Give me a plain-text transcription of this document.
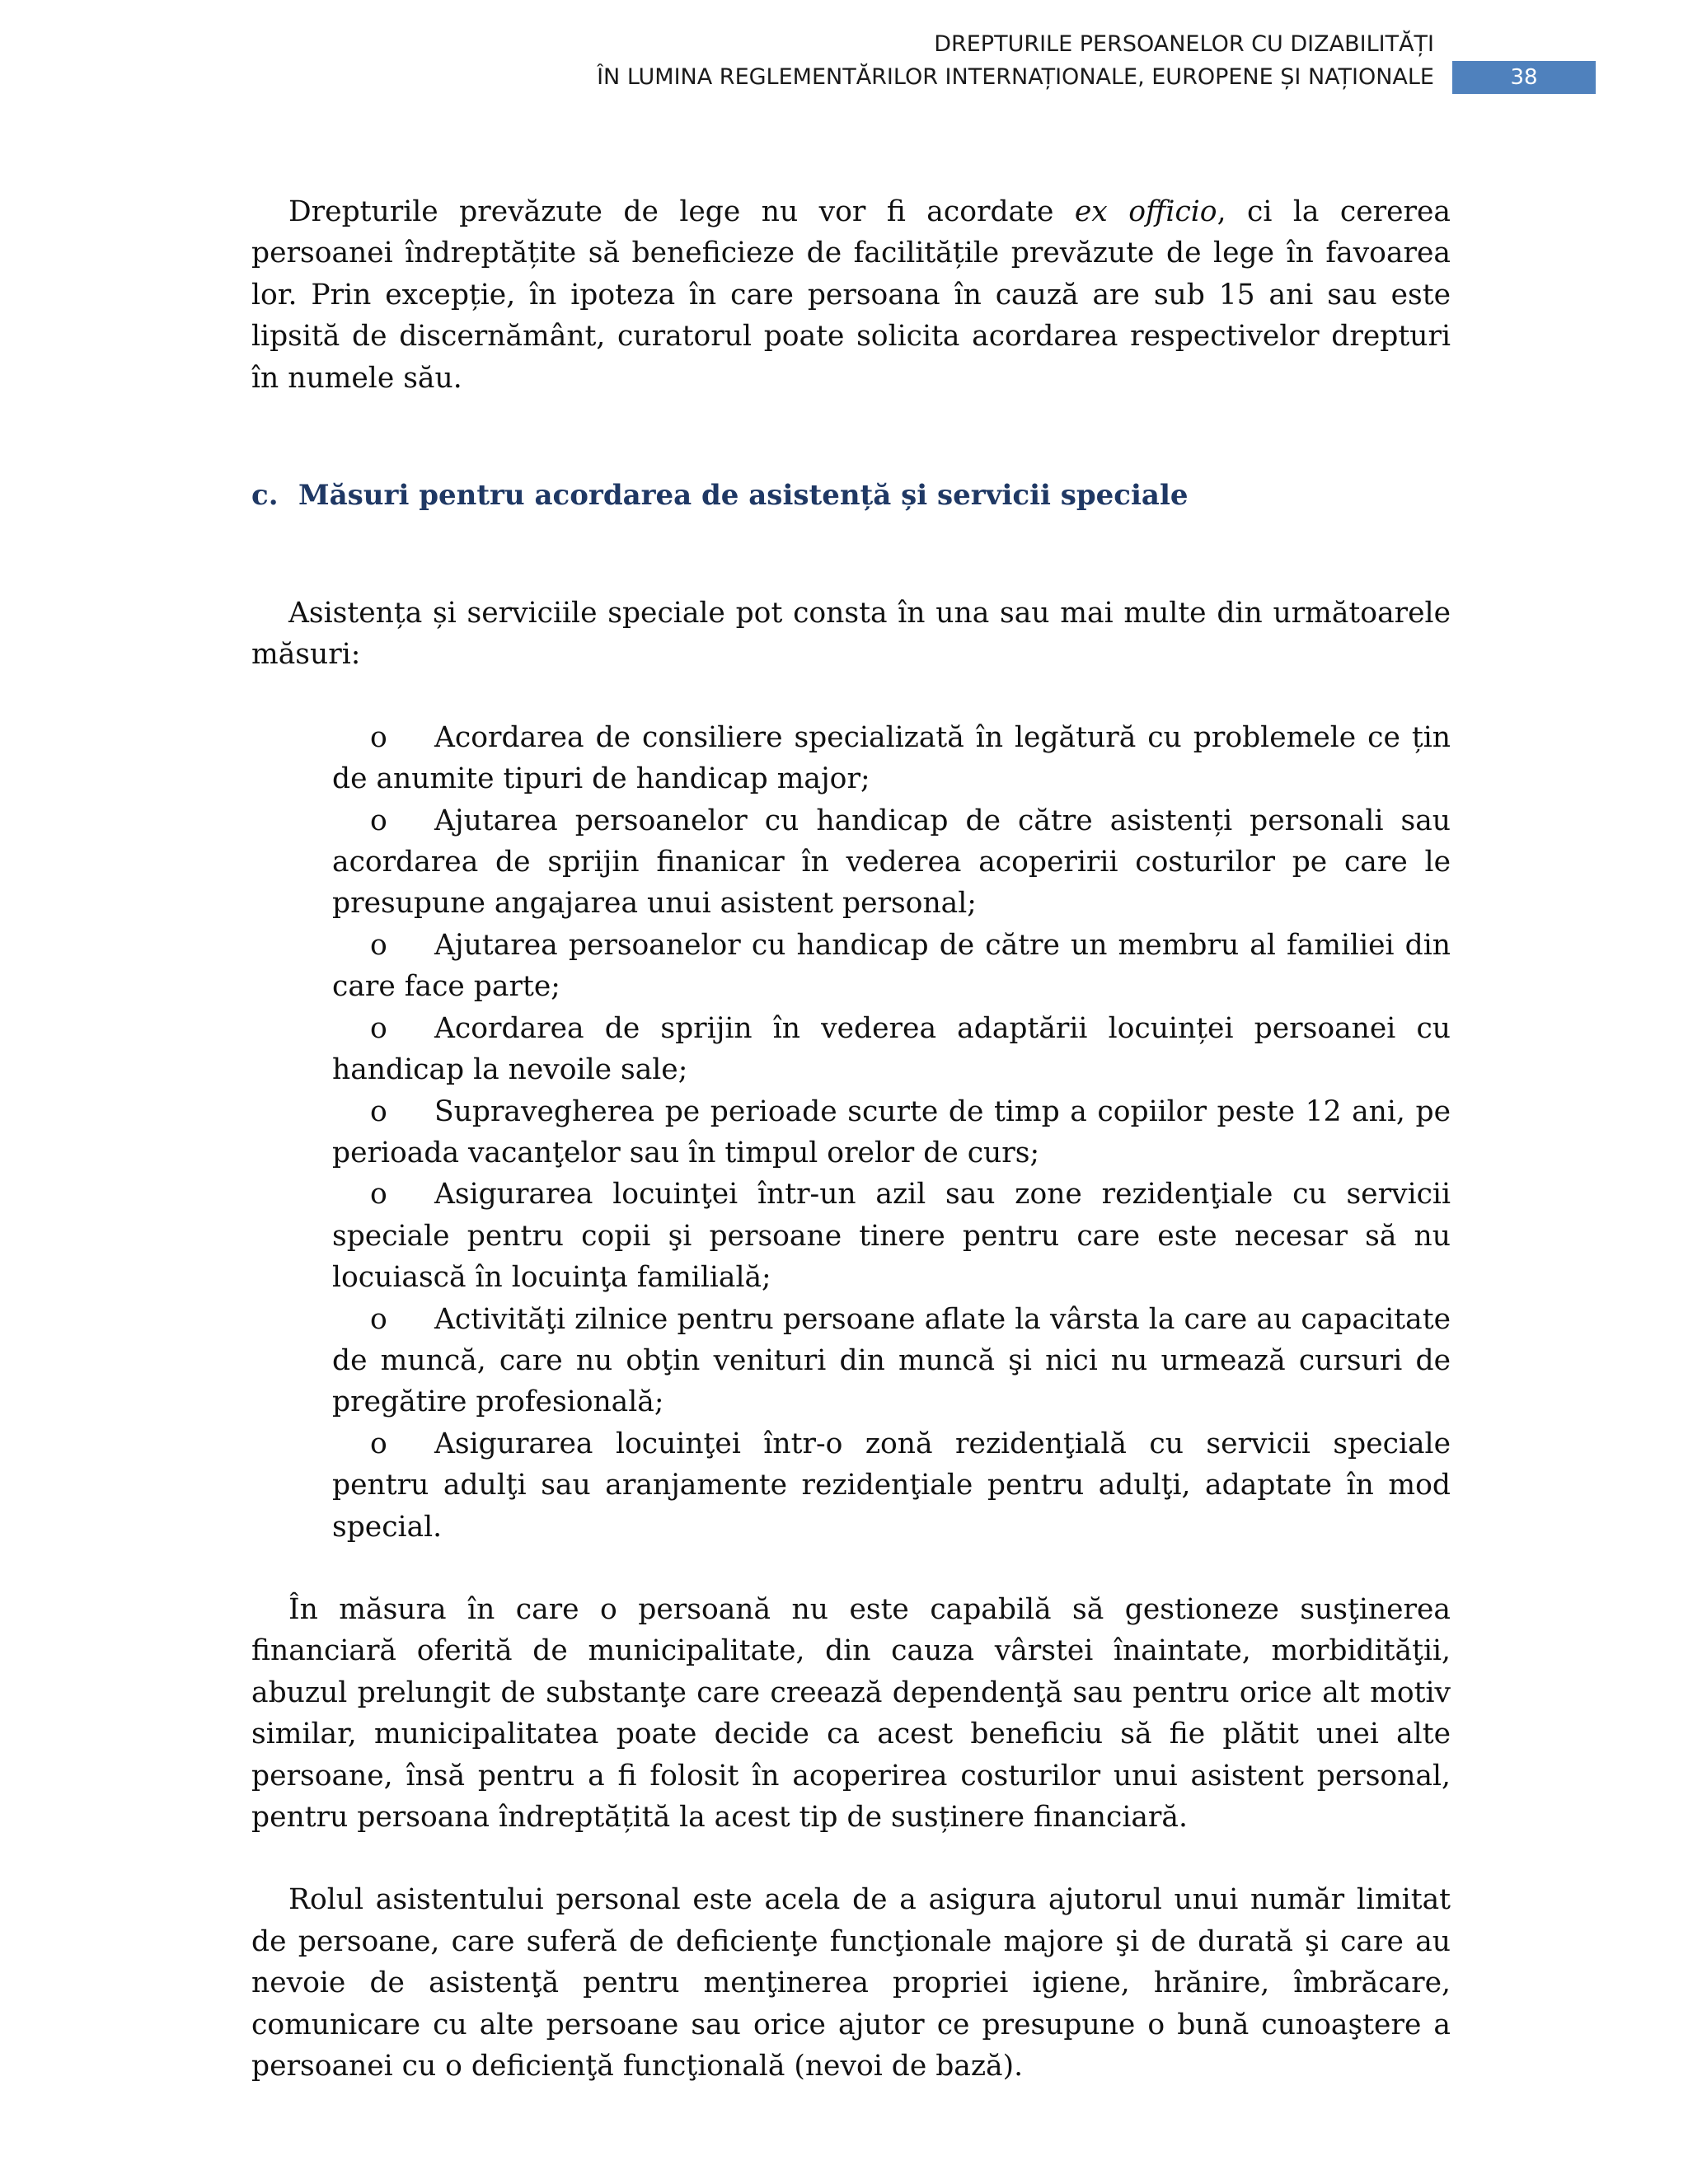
DREPTURILE PERSOANELOR CU DIZABILITĂȚI
ÎN LUMINA REGLEMENTĂRILOR INTERNAȚIONALE, EUROPENE ȘI NAȚIONALE	38

Drepturile prevăzute de lege nu vor fi acordate ex officio, ci la cererea persoanei îndreptățite să beneficieze de facilitățile prevăzute de lege în favoarea lor. Prin excepție, în ipoteza în care persoana în cauză are sub 15 ani sau este lipsită de discernământ, curatorul poate solicita acordarea respectivelor drepturi în numele său.

c. Măsuri pentru acordarea de asistență și servicii speciale

Asistența și serviciile speciale pot consta în una sau mai multe din următoarele măsuri:

o Acordarea de consiliere specializată în legătură cu problemele ce țin de anumite tipuri de handicap major;
o Ajutarea persoanelor cu handicap de către asistenți personali sau acordarea de sprijin finanicar în vederea acoperirii costurilor pe care le presupune angajarea unui asistent personal;
o Ajutarea persoanelor cu handicap de către un membru al familiei din care face parte;
o Acordarea de sprijin în vederea adaptării locuinței persoanei cu handicap la nevoile sale;
o Supravegherea pe perioade scurte de timp a copiilor peste 12 ani, pe perioada vacanţelor sau în timpul orelor de curs;
o Asigurarea locuinţei într-un azil sau zone rezidenţiale cu servicii speciale pentru copii şi persoane tinere pentru care este necesar să nu locuiască în locuinţa familială;
o Activităţi zilnice pentru persoane aflate la vârsta la care au capacitate de muncă, care nu obţin venituri din muncă şi nici nu urmează cursuri de pregătire profesională;
o Asigurarea locuinţei într-o zonă rezidenţială cu servicii speciale pentru adulţi sau aranjamente rezidenţiale pentru adulţi, adaptate în mod special.

În măsura în care o persoană nu este capabilă să gestioneze susţinerea financiară oferită de municipalitate, din cauza vârstei înaintate, morbidităţii, abuzul prelungit de substanţe care creează dependenţă sau pentru orice alt motiv similar, municipalitatea poate decide ca acest beneficiu să fie plătit unei alte persoane, însă pentru a fi folosit în acoperirea costurilor unui asistent personal, pentru persoana îndreptățită la acest tip de susținere financiară.

Rolul asistentului personal este acela de a asigura ajutorul unui număr limitat de persoane, care suferă de deficienţe funcţionale majore şi de durată şi care au nevoie de asistenţă pentru menţinerea propriei igiene, hrănire, îmbrăcare, comunicare cu alte persoane sau orice ajutor ce presupune o bună cunoaştere a persoanei cu o deficienţă funcţională (nevoi de bază).
